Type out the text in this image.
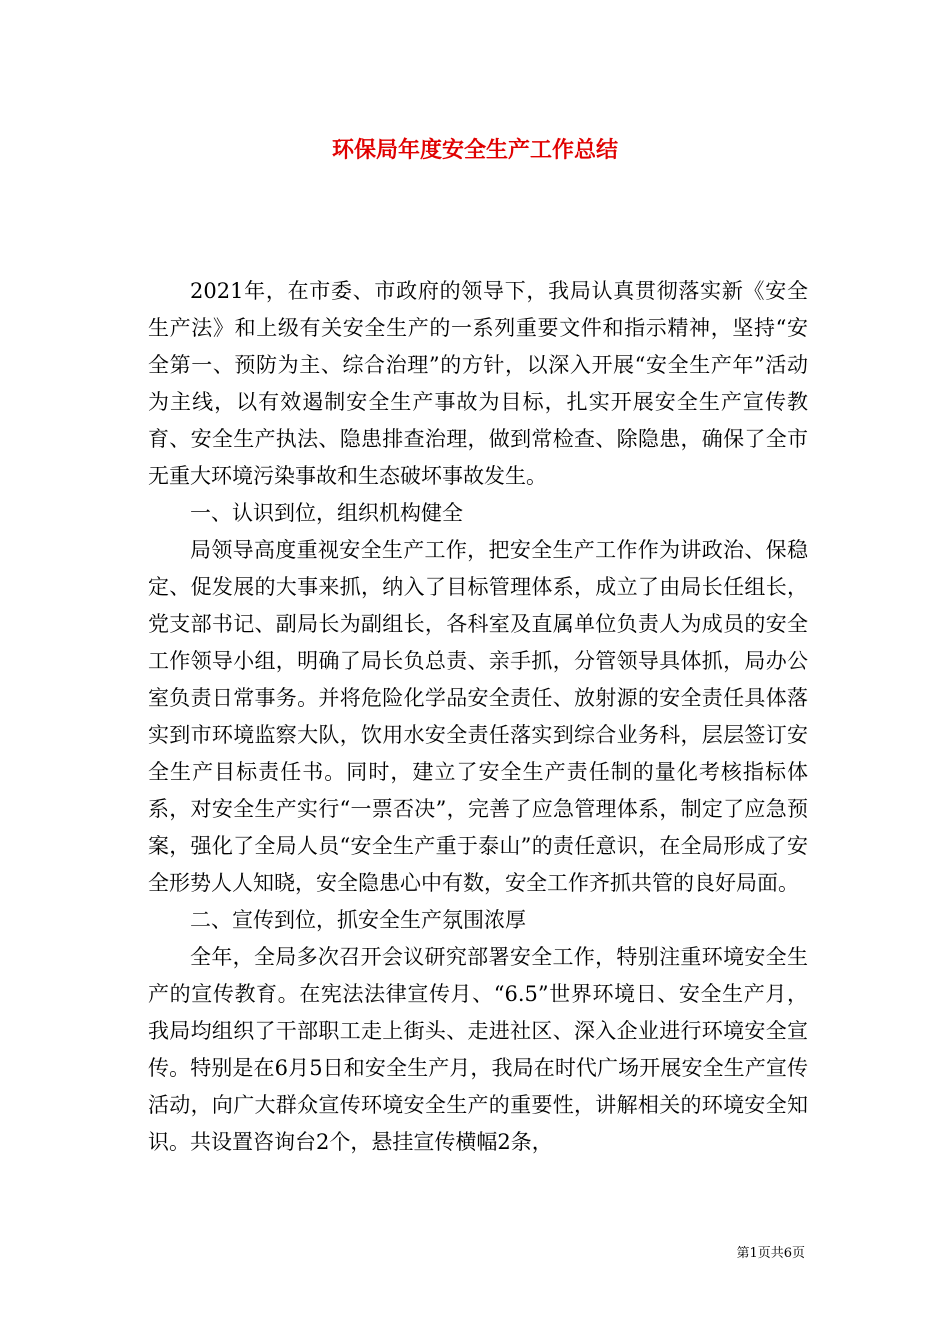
环保局年度安全生产工作总结

2021年，在市委、市政府的领导下，我局认真贯彻落实新《安全生产法》和上级有关安全生产的一系列重要文件和指示精神，坚持“安全第一、预防为主、综合治理”的方针，以深入开展“安全生产年”活动为主线，以有效遏制安全生产事故为目标，扎实开展安全生产宣传教育、安全生产执法、隐患排查治理，做到常检查、除隐患，确保了全市无重大环境污染事故和生态破坏事故发生。

一、认识到位，组织机构健全

局领导高度重视安全生产工作，把安全生产工作作为讲政治、保稳定、促发展的大事来抓，纳入了目标管理体系，成立了由局长任组长，党支部书记、副局长为副组长，各科室及直属单位负责人为成员的安全工作领导小组，明确了局长负总责、亲手抓，分管领导具体抓，局办公室负责日常事务。并将危险化学品安全责任、放射源的安全责任具体落实到市环境监察大队，饮用水安全责任落实到综合业务科，层层签订安全生产目标责任书。同时，建立了安全生产责任制的量化考核指标体系，对安全生产实行“一票否决”，完善了应急管理体系，制定了应急预案，强化了全局人员“安全生产重于泰山”的责任意识，在全局形成了安全形势人人知晓，安全隐患心中有数，安全工作齐抓共管的良好局面。

二、宣传到位，抓安全生产氛围浓厚

全年，全局多次召开会议研究部署安全工作，特别注重环境安全生产的宣传教育。在宪法法律宣传月、“6.5”世界环境日、安全生产月，我局均组织了干部职工走上街头、走进社区、深入企业进行环境安全宣传。特别是在6月5日和安全生产月，我局在时代广场开展安全生产宣传活动，向广大群众宣传环境安全生产的重要性，讲解相关的环境安全知识。共设置咨询台2个，悬挂宣传横幅2条，

第1页共6页
